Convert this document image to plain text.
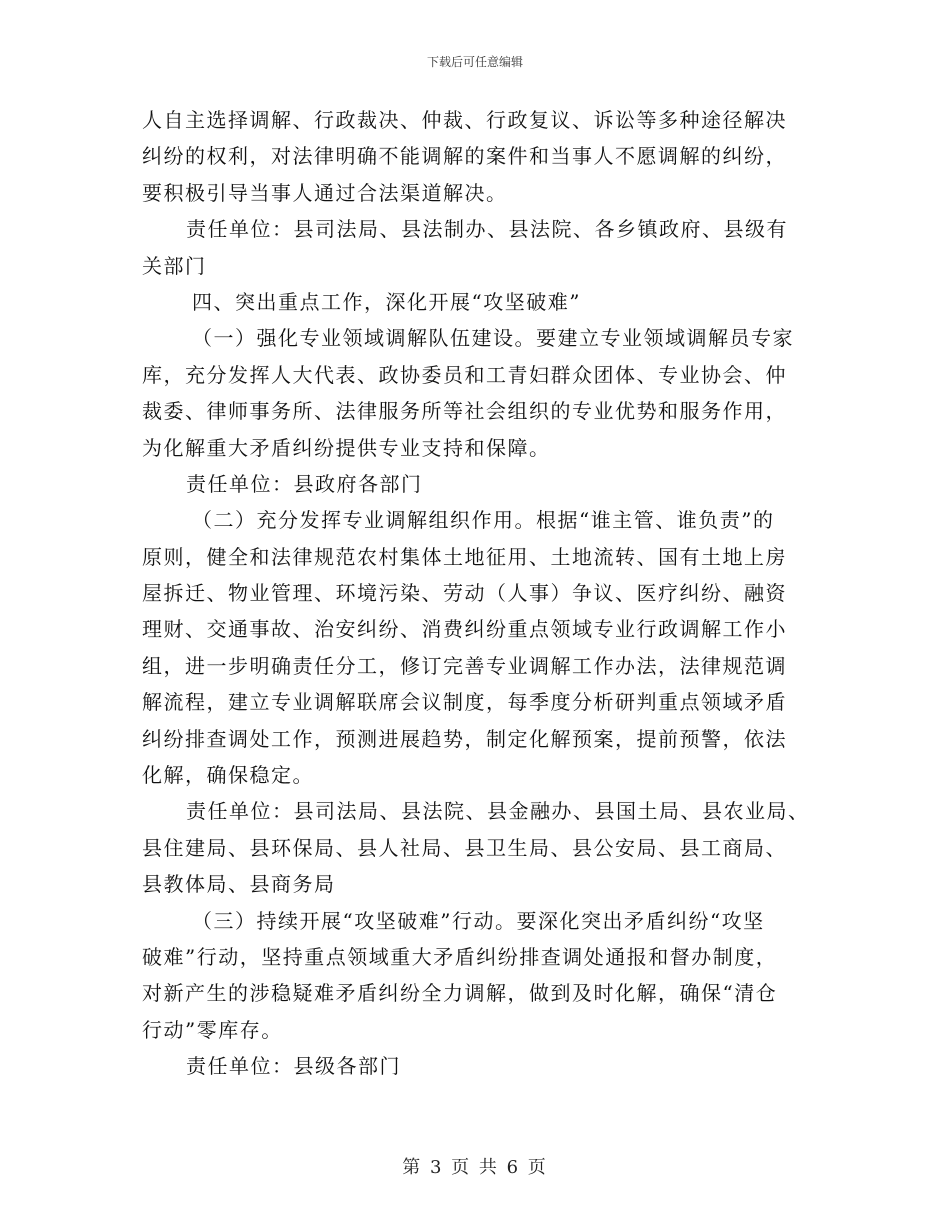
下载后可任意编辑
人自主选择调解、行政裁决、仲裁、行政复议、诉讼等多种途径解决
纠纷的权利，对法律明确不能调解的案件和当事人不愿调解的纠纷，
要积极引导当事人通过合法渠道解决。
责任单位：县司法局、县法制办、县法院、各乡镇政府、县级有
关部门
四、突出重点工作，深化开展“攻坚破难”
（一）强化专业领域调解队伍建设。要建立专业领域调解员专家
库，充分发挥人大代表、政协委员和工青妇群众团体、专业协会、仲
裁委、律师事务所、法律服务所等社会组织的专业优势和服务作用，
为化解重大矛盾纠纷提供专业支持和保障。
责任单位：县政府各部门
（二）充分发挥专业调解组织作用。根据“谁主管、谁负责”的
原则，健全和法律规范农村集体土地征用、土地流转、国有土地上房
屋拆迁、物业管理、环境污染、劳动（人事）争议、医疗纠纷、融资
理财、交通事故、治安纠纷、消费纠纷重点领域专业行政调解工作小
组，进一步明确责任分工，修订完善专业调解工作办法，法律规范调
解流程，建立专业调解联席会议制度，每季度分析研判重点领域矛盾
纠纷排查调处工作，预测进展趋势，制定化解预案，提前预警，依法
化解，确保稳定。
责任单位：县司法局、县法院、县金融办、县国土局、县农业局、
县住建局、县环保局、县人社局、县卫生局、县公安局、县工商局、
县教体局、县商务局
（三）持续开展“攻坚破难”行动。要深化突出矛盾纠纷“攻坚
破难”行动，坚持重点领域重大矛盾纠纷排查调处通报和督办制度，
对新产生的涉稳疑难矛盾纠纷全力调解，做到及时化解，确保“清仓
行动”零库存。
责任单位：县级各部门
第 3 页 共 6 页
